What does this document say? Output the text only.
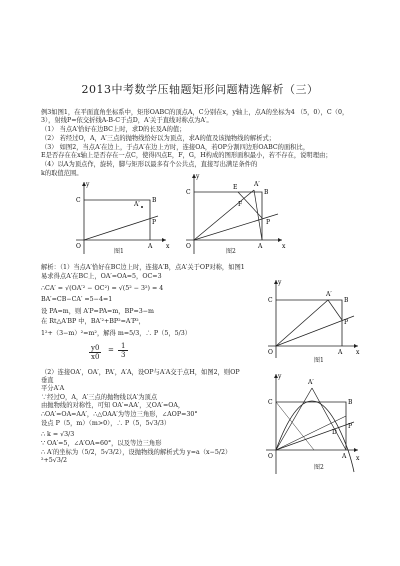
2013中考数学压轴题矩形问题精选解析（三）
例3如图1，在平面直角坐标系中，矩形OABC的顶点A，C分别在x，y轴上，点A的坐标为4 （5，0），C（0，
3），射线P=依交折线A-B-C于点D，A′关于直线对称点为A′。
（1） 当点A′恰好在边BC上时，求D的长及A的值；
（2） 若经过O，A，A′三点的抛物线恰好以为顶点，求A的值及该抛物线的解析式；
（3） 如图2，当点A′在边上，于点A′在边上方时，连接OA，若OP分割四边形OABC的面积比，
E是否存在在x轴上是否存在一点C，使得四点E，F，G，H构成的图形面积最小，若不存在，说明理由；
（4）以A为顶点作，旋转，脚与矩形以最多有个公共点，直接写出满足条件的
k的取值范围。
C	B
O	A
P
A′
x
y
图1
C	B
O	A
P
A′
E
F
x
y
图2
解析：（1）当点A′恰好在BC边上时，连接A′B，点A′关于OP对称，如图1
易求得点A′在BC上，OA′=OA=5，OC=3
∴CA′ = √(OA′² − OC²) = √(5² − 3²) = 4
BA′=CB−CA′ =5−4=1
设 PA=m，则 A′P=PA=m，BP=3−m
在 Rt△A′BP 中，BA′²+BP²=A′P²，
1²+（3−m）²=m²，解得 m=5/3，∴ P（5，5/3）
$\frac{y0}{x0} = \frac{1}{3}$
（2）连接OA′，OA′，PA′，A′A，设OP与A′A交于点H，如图2，则OP垂直
平分A′A
∵经过O，A，A′三点的抛物线以A′为顶点
由抛物线的对称性，可知 OA′=AA′，又OA′=OA，
∴OA′=OA=AA′，∴△OAA′为等边三角形，∠AOP=30°
设点 P（5，m）（m>0），∴ P（5，5√3/3）
∴ k = √3/3
∵ OA′=5，∠A′OA=60°，以及等边三角形
∴ A′的坐标为（5/2，5√3/2），设抛物线的解析式为 y=a（x−5/2）²+5√3/2
C	B
O	A
P
A′
x
y
图1
C	B
O	A
P
A′
D
x
y
图2
